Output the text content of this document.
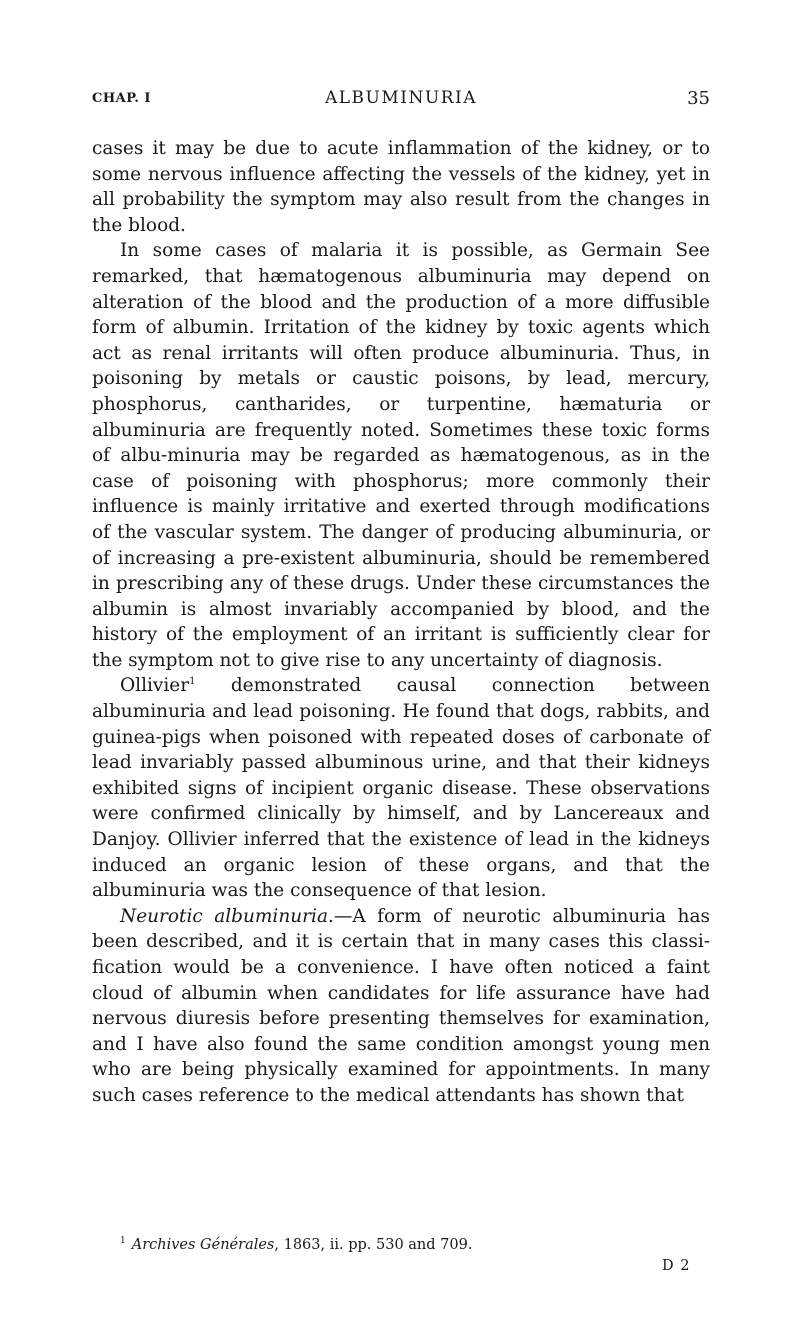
CHAP. I	ALBUMINURIA	35

cases it may be due to acute inflammation of the kidney, or to some nervous influence affecting the vessels of the kidney, yet in all probability the symptom may also result from the changes in the blood.

In some cases of malaria it is possible, as Germain See remarked, that hæmatogenous albuminuria may depend on alteration of the blood and the production of a more diffusible form of albumin. Irritation of the kidney by toxic agents which act as renal irritants will often produce albuminuria. Thus, in poisoning by metals or caustic poisons, by lead, mercury, phosphorus, cantharides, or turpentine, hæmaturia or albuminuria are frequently noted. Sometimes these toxic forms of albu-minuria may be regarded as hæmatogenous, as in the case of poisoning with phosphorus; more commonly their influence is mainly irritative and exerted through modifications of the vascular system. The danger of producing albuminuria, or of increasing a pre-existent albuminuria, should be remembered in prescribing any of these drugs. Under these circumstances the albumin is almost invariably accompanied by blood, and the history of the employment of an irritant is sufficiently clear for the symptom not to give rise to any uncertainty of diagnosis.

Ollivier$^1$ demonstrated causal connection between albuminuria and lead poisoning. He found that dogs, rabbits, and guinea-pigs when poisoned with repeated doses of carbonate of lead invariably passed albuminous urine, and that their kidneys exhibited signs of incipient organic disease. These observations were confirmed clinically by himself, and by Lancereaux and Danjoy. Ollivier inferred that the existence of lead in the kidneys induced an organic lesion of these organs, and that the albuminuria was the consequence of that lesion.

Neurotic albuminuria.—A form of neurotic albuminuria has been described, and it is certain that in many cases this classi-fication would be a convenience. I have often noticed a faint cloud of albumin when candidates for life assurance have had nervous diuresis before presenting themselves for examination, and I have also found the same condition amongst young men who are being physically examined for appointments. In many such cases reference to the medical attendants has shown that

$^1$ Archives Générales, 1863, ii. pp. 530 and 709.
D 2
